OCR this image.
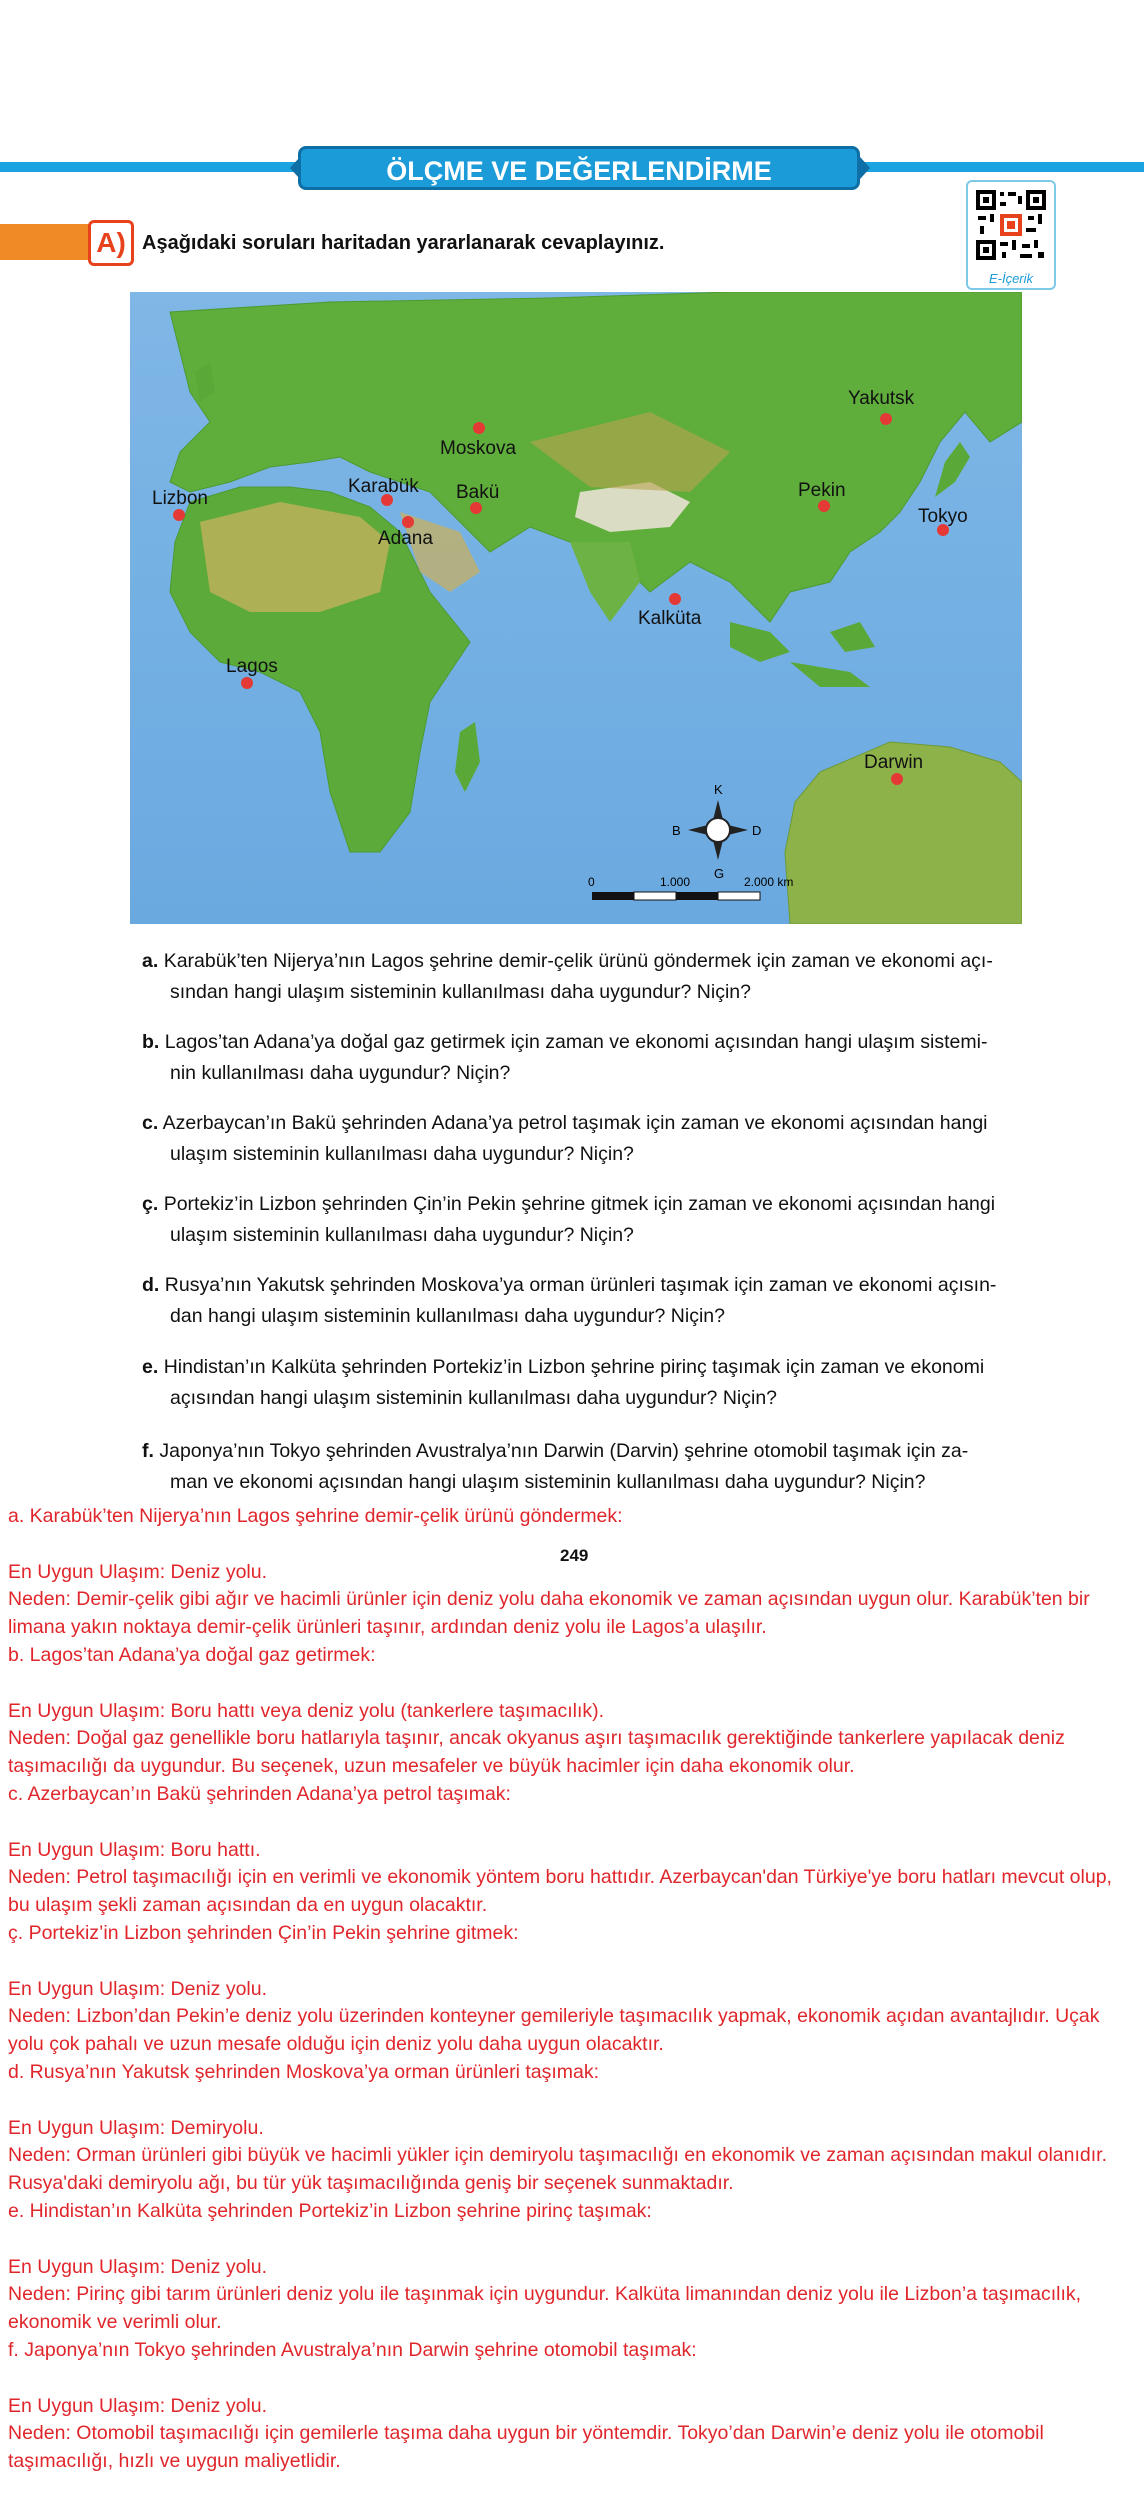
ÖLÇME VE DEĞERLENDİRME ÇALIŞMALARI
A) Aşağıdaki soruları haritadan yararlanarak cevaplayınız.
E-İçerik
Yakutsk
Moskova
Lizbon
Karabük Bakü
Adana
Pekin
Tokyo
Kalküta
Lagos
Darwin
K
G
D
B
0	1.000	2.000 km
a. Karabük’ten Nijerya’nın Lagos şehrine demir-çelik ürünü göndermek için zaman ve ekonomi açı-
sından hangi ulaşım sisteminin kullanılması daha uygundur? Niçin?
b. Lagos’tan Adana’ya doğal gaz getirmek için zaman ve ekonomi açısından hangi ulaşım sistemi-
nin kullanılması daha uygundur? Niçin?
c. Azerbaycan’ın Bakü şehrinden Adana’ya petrol taşımak için zaman ve ekonomi açısından hangi
ulaşım sisteminin kullanılması daha uygundur? Niçin?
ç. Portekiz’in Lizbon şehrinden Çin’in Pekin şehrine gitmek için zaman ve ekonomi açısından hangi
ulaşım sisteminin kullanılması daha uygundur? Niçin?
d. Rusya’nın Yakutsk şehrinden Moskova’ya orman ürünleri taşımak için zaman ve ekonomi açısın-
dan hangi ulaşım sisteminin kullanılması daha uygundur? Niçin?
e. Hindistan’ın Kalküta şehrinden Portekiz’in Lizbon şehrine pirinç taşımak için zaman ve ekonomi
açısından hangi ulaşım sisteminin kullanılması daha uygundur? Niçin?
f. Japonya’nın Tokyo şehrinden Avustralya’nın Darwin (Darvin) şehrine otomobil taşımak için za-
man ve ekonomi açısından hangi ulaşım sisteminin kullanılması daha uygundur? Niçin?

a. Karabük’ten Nijerya’nın Lagos şehrine demir-çelik ürünü göndermek:

En Uygun Ulaşım: Deniz yolu.

Neden: Demir-çelik gibi ağır ve hacimli ürünler için deniz yolu daha ekonomik ve zaman açısından uygun olur. Karabük’ten bir limana yakın noktaya demir-çelik ürünleri taşınır, ardından deniz yolu ile Lagos’a ulaşılır.

b. Lagos’tan Adana’ya doğal gaz getirmek:

En Uygun Ulaşım: Boru hattı veya deniz yolu (tankerlere taşımacılık).

Neden: Doğal gaz genellikle boru hatlarıyla taşınır, ancak okyanus aşırı taşımacılık gerektiğinde tankerlere yapılacak deniz taşımacılığı da uygundur. Bu seçenek, uzun mesafeler ve büyük hacimler için daha ekonomik olur.

c. Azerbaycan’ın Bakü şehrinden Adana’ya petrol taşımak:

En Uygun Ulaşım: Boru hattı.

Neden: Petrol taşımacılığı için en verimli ve ekonomik yöntem boru hattıdır. Azerbaycan'dan Türkiye'ye boru hatları mevcut olup, bu ulaşım şekli zaman açısından da en uygun olacaktır.

ç. Portekiz’in Lizbon şehrinden Çin’in Pekin şehrine gitmek:

En Uygun Ulaşım: Deniz yolu.

Neden: Lizbon’dan Pekin’e deniz yolu üzerinden konteyner gemileriyle taşımacılık yapmak, ekonomik açıdan avantajlıdır. Uçak yolu çok pahalı ve uzun mesafe olduğu için deniz yolu daha uygun olacaktır.

d. Rusya’nın Yakutsk şehrinden Moskova’ya orman ürünleri taşımak:

En Uygun Ulaşım: Demiryolu.

Neden: Orman ürünleri gibi büyük ve hacimli yükler için demiryolu taşımacılığı en ekonomik ve zaman açısından makul olanıdır. Rusya'daki demiryolu ağı, bu tür yük taşımacılığında geniş bir seçenek sunmaktadır.

e. Hindistan’ın Kalküta şehrinden Portekiz’in Lizbon şehrine pirinç taşımak:

En Uygun Ulaşım: Deniz yolu.

Neden: Pirinç gibi tarım ürünleri deniz yolu ile taşınmak için uygundur. Kalküta limanından deniz yolu ile Lizbon’a taşımacılık, ekonomik ve verimli olur.

f. Japonya’nın Tokyo şehrinden Avustralya’nın Darwin şehrine otomobil taşımak:

En Uygun Ulaşım: Deniz yolu.

Neden: Otomobil taşımacılığı için gemilerle taşıma daha uygun bir yöntemdir. Tokyo’dan Darwin’e deniz yolu ile otomobil taşımacılığı, hızlı ve uygun maliyetlidir.

249
